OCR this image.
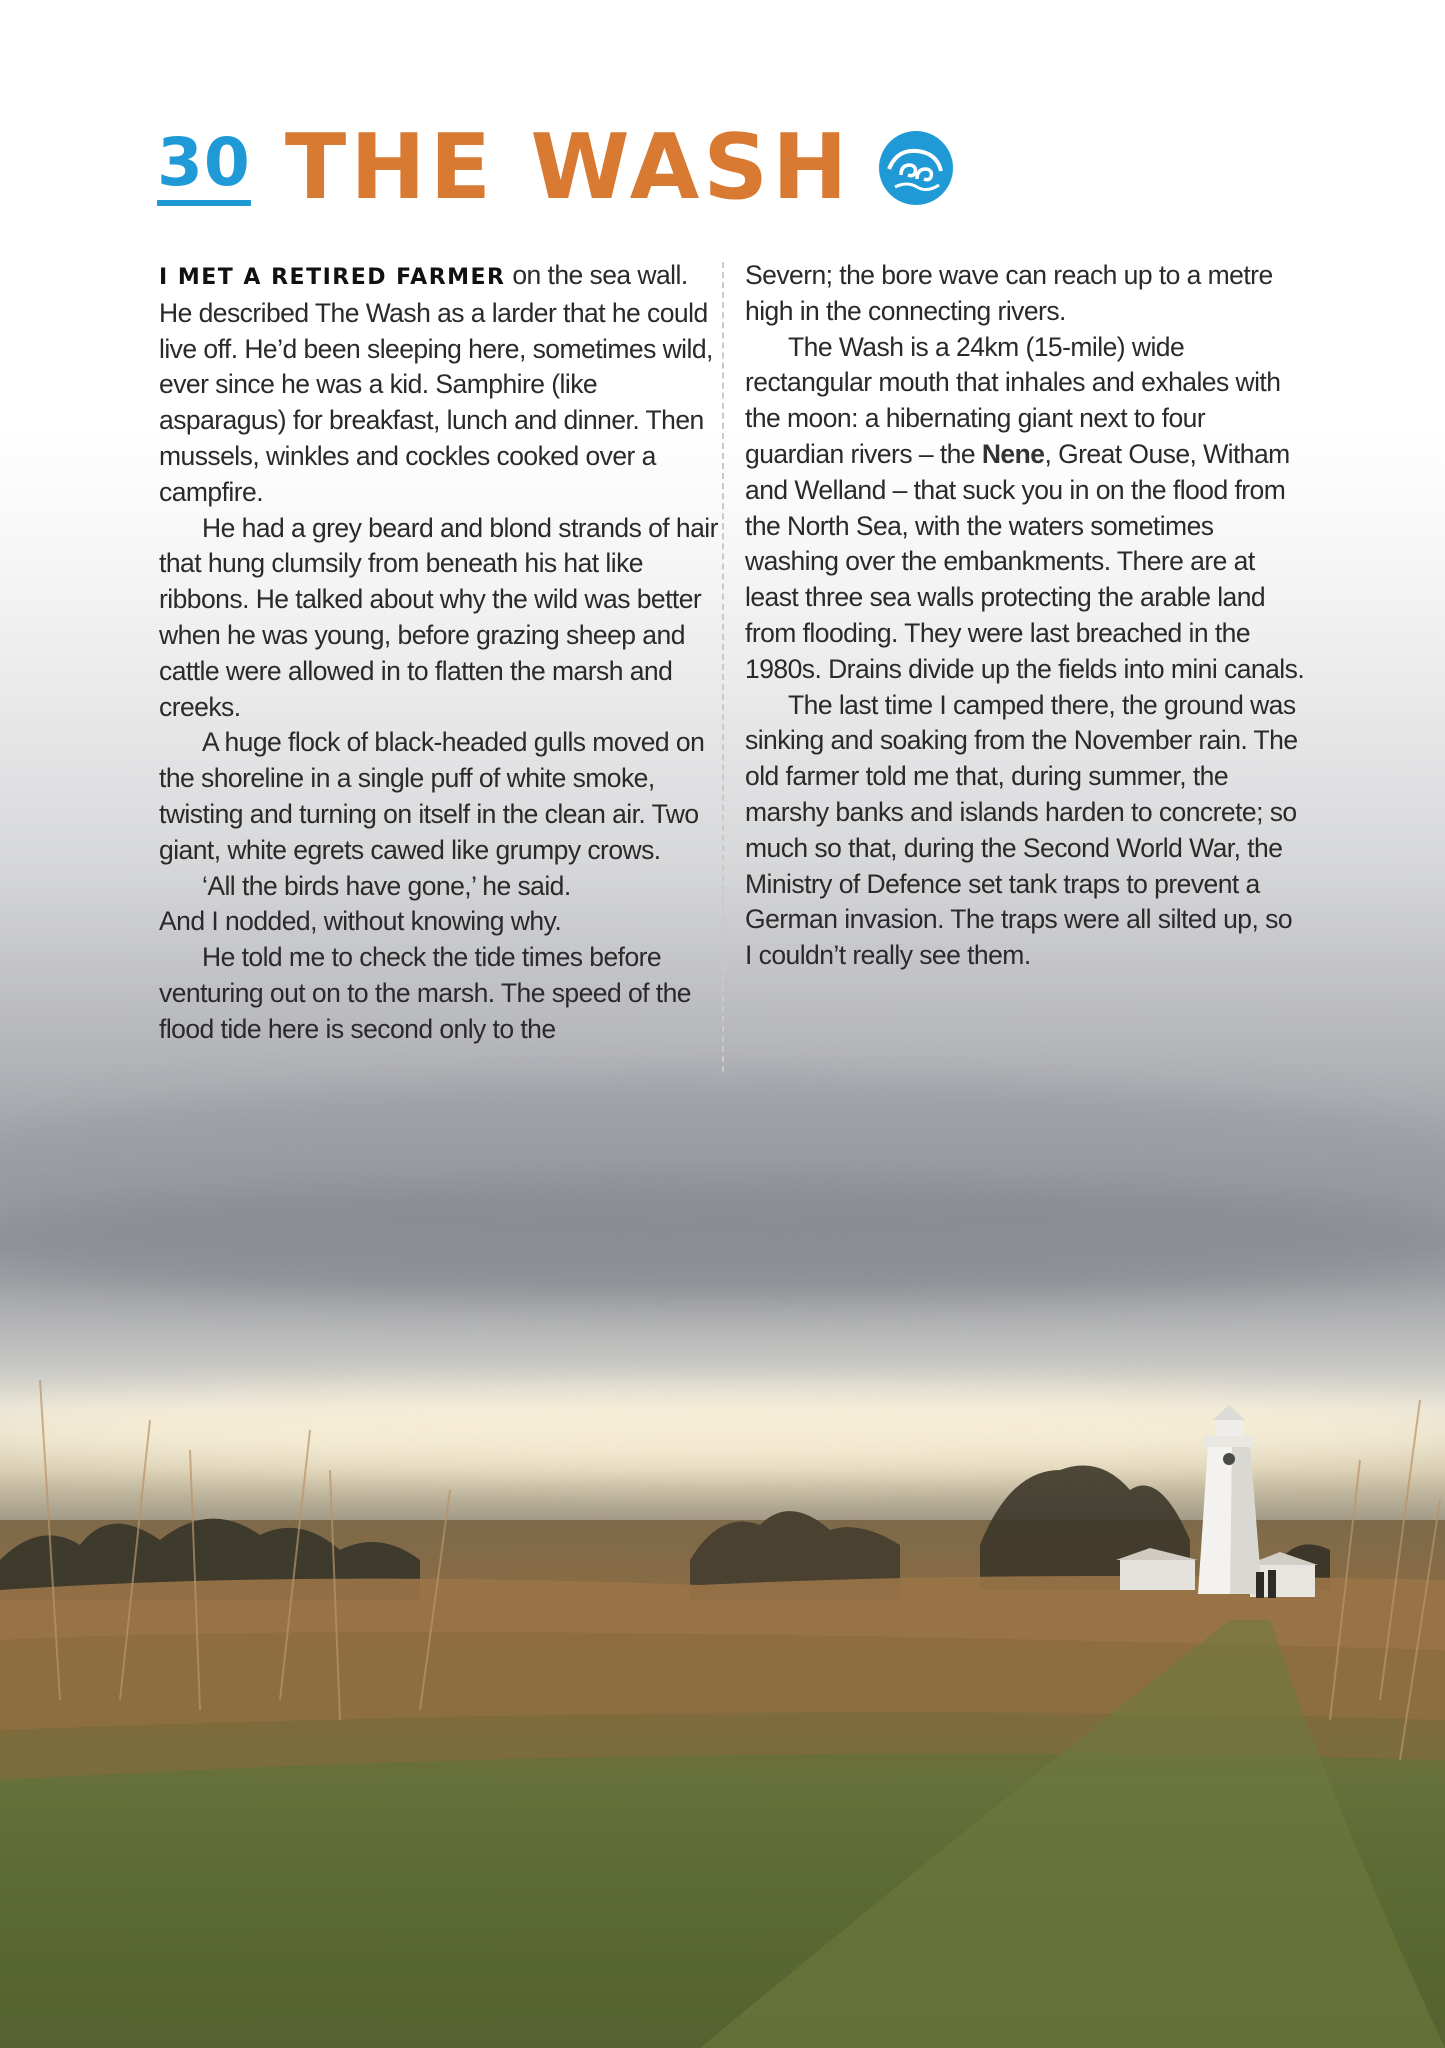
30 THE WASH

I MET A RETIRED FARMER on the sea wall. He described The Wash as a larder that he could live off. He’d been sleeping here, sometimes wild, ever since he was a kid. Samphire (like asparagus) for breakfast, lunch and dinner. Then mussels, winkles and cockles cooked over a campfire.

He had a grey beard and blond strands of hair that hung clumsily from beneath his hat like ribbons. He talked about why the wild was better when he was young, before grazing sheep and cattle were allowed in to flatten the marsh and creeks.

A huge flock of black-headed gulls moved on the shoreline in a single puff of white smoke, twisting and turning on itself in the clean air. Two giant, white egrets cawed like grumpy crows.

‘All the birds have gone,’ he said.

And I nodded, without knowing why.

He told me to check the tide times before venturing out on to the marsh. The speed of the flood tide here is second only to the

Severn; the bore wave can reach up to a metre high in the connecting rivers.

The Wash is a 24km (15-mile) wide rectangular mouth that inhales and exhales with the moon: a hibernating giant next to four guardian rivers – the Nene, Great Ouse, Witham and Welland – that suck you in on the flood from the North Sea, with the waters sometimes washing over the embankments. There are at least three sea walls protecting the arable land from flooding. They were last breached in the 1980s. Drains divide up the fields into mini canals.

The last time I camped there, the ground was sinking and soaking from the November rain. The old farmer told me that, during summer, the marshy banks and islands harden to concrete; so much so that, during the Second World War, the Ministry of Defence set tank traps to prevent a German invasion. The traps were all silted up, so I couldn’t really see them.
